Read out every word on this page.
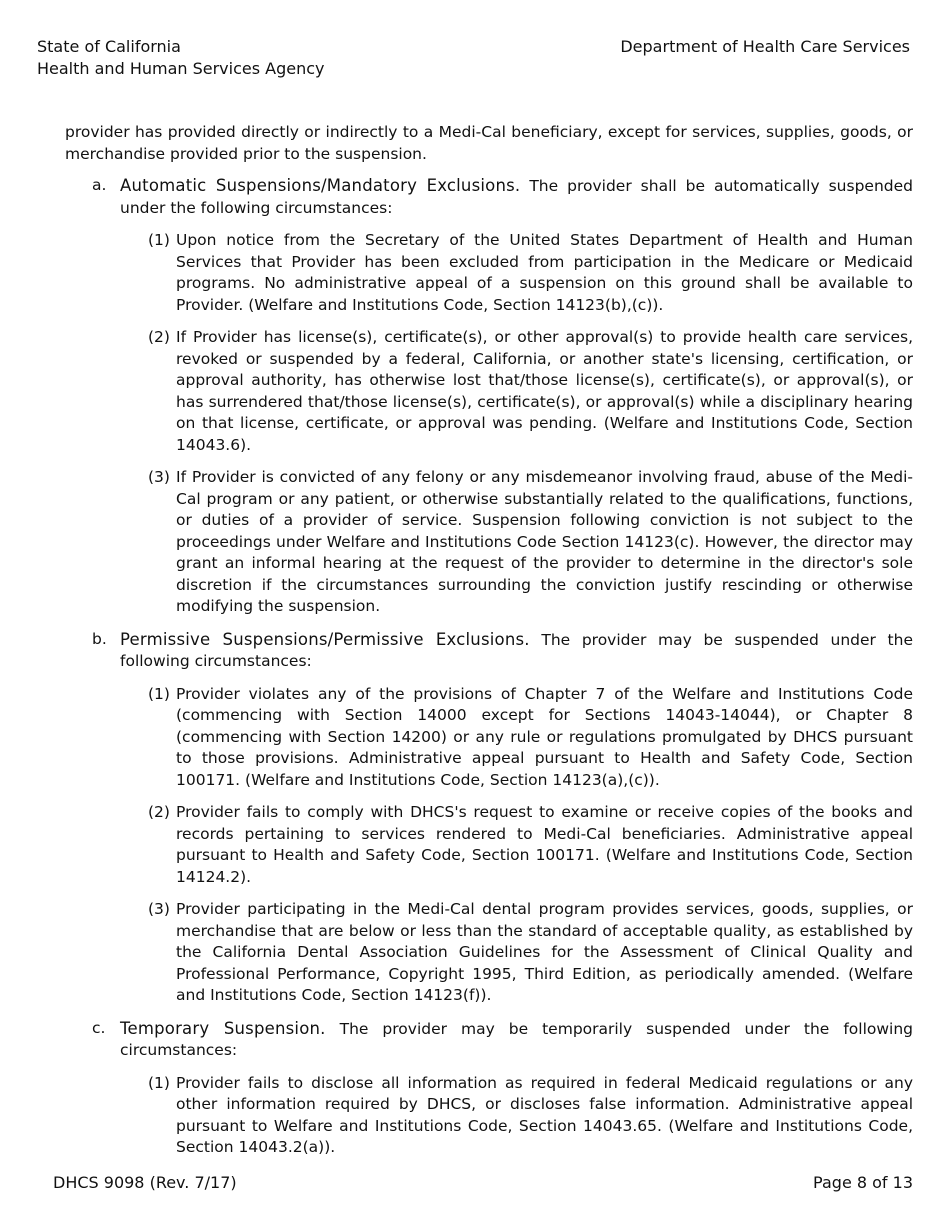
State of California
Health and Human Services Agency
Department of Health Care Services

provider has provided directly or indirectly to a Medi-Cal beneficiary, except for services, supplies, goods, or merchandise provided prior to the suspension.

a. Automatic Suspensions/Mandatory Exclusions. The provider shall be automatically suspended under the following circumstances:

(1) Upon notice from the Secretary of the United States Department of Health and Human Services that Provider has been excluded from participation in the Medicare or Medicaid programs. No administrative appeal of a suspension on this ground shall be available to Provider. (Welfare and Institutions Code, Section 14123(b),(c)).

(2) If Provider has license(s), certificate(s), or other approval(s) to provide health care services, revoked or suspended by a federal, California, or another state's licensing, certification, or approval authority, has otherwise lost that/those license(s), certificate(s), or approval(s), or has surrendered that/those license(s), certificate(s), or approval(s) while a disciplinary hearing on that license, certificate, or approval was pending. (Welfare and Institutions Code, Section 14043.6).

(3) If Provider is convicted of any felony or any misdemeanor involving fraud, abuse of the Medi-Cal program or any patient, or otherwise substantially related to the qualifications, functions, or duties of a provider of service. Suspension following conviction is not subject to the proceedings under Welfare and Institutions Code Section 14123(c). However, the director may grant an informal hearing at the request of the provider to determine in the director's sole discretion if the circumstances surrounding the conviction justify rescinding or otherwise modifying the suspension.

b. Permissive Suspensions/Permissive Exclusions. The provider may be suspended under the following circumstances:

(1) Provider violates any of the provisions of Chapter 7 of the Welfare and Institutions Code (commencing with Section 14000 except for Sections 14043-14044), or Chapter 8 (commencing with Section 14200) or any rule or regulations promulgated by DHCS pursuant to those provisions. Administrative appeal pursuant to Health and Safety Code, Section 100171. (Welfare and Institutions Code, Section 14123(a),(c)).

(2) Provider fails to comply with DHCS's request to examine or receive copies of the books and records pertaining to services rendered to Medi-Cal beneficiaries. Administrative appeal pursuant to Health and Safety Code, Section 100171. (Welfare and Institutions Code, Section 14124.2).

(3) Provider participating in the Medi-Cal dental program provides services, goods, supplies, or merchandise that are below or less than the standard of acceptable quality, as established by the California Dental Association Guidelines for the Assessment of Clinical Quality and Professional Performance, Copyright 1995, Third Edition, as periodically amended. (Welfare and Institutions Code, Section 14123(f)).

c. Temporary Suspension. The provider may be temporarily suspended under the following circumstances:

(1) Provider fails to disclose all information as required in federal Medicaid regulations or any other information required by DHCS, or discloses false information. Administrative appeal pursuant to Welfare and Institutions Code, Section 14043.65. (Welfare and Institutions Code, Section 14043.2(a)).

DHCS 9098 (Rev. 7/17)	Page 8 of 13
